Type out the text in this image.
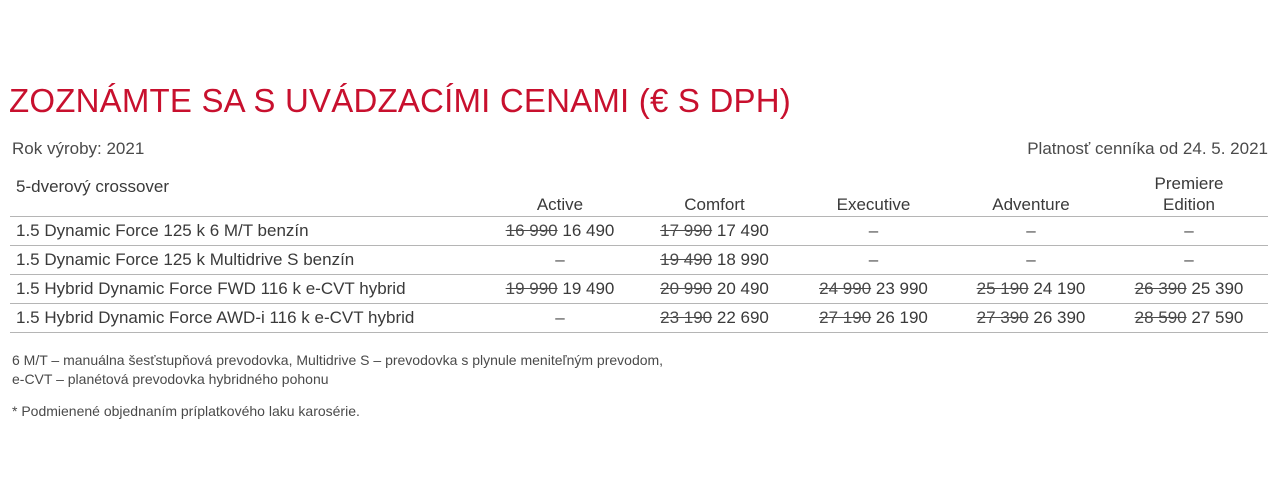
ZOZNÁMTE SA S UVÁDZACÍMI CENAMI (€ S DPH)
Rok výroby: 2021	Platnosť cenníka od 24. 5. 2021
5-dverový crossover	Active	Comfort	Executive	Adventure	Premiere Edition
1.5 Dynamic Force 125 k 6 M/T benzín	16 990 16 490	17 990 17 490	–	–	–
1.5 Dynamic Force 125 k Multidrive S benzín	–	19 490 18 990	–	–	–
1.5 Hybrid Dynamic Force FWD 116 k e-CVT hybrid	19 990 19 490	20 990 20 490	24 990 23 990	25 190 24 190	26 390 25 390
1.5 Hybrid Dynamic Force AWD-i 116 k e-CVT hybrid	–	23 190 22 690	27 190 26 190	27 390 26 390	28 590 27 590

6 M/T – manuálna šesťstupňová prevodovka, Multidrive S – prevodovka s plynule meniteľným prevodom,

e-CVT – planétová prevodovka hybridného pohonu

* Podmienené objednaním príplatkového laku karosérie.
